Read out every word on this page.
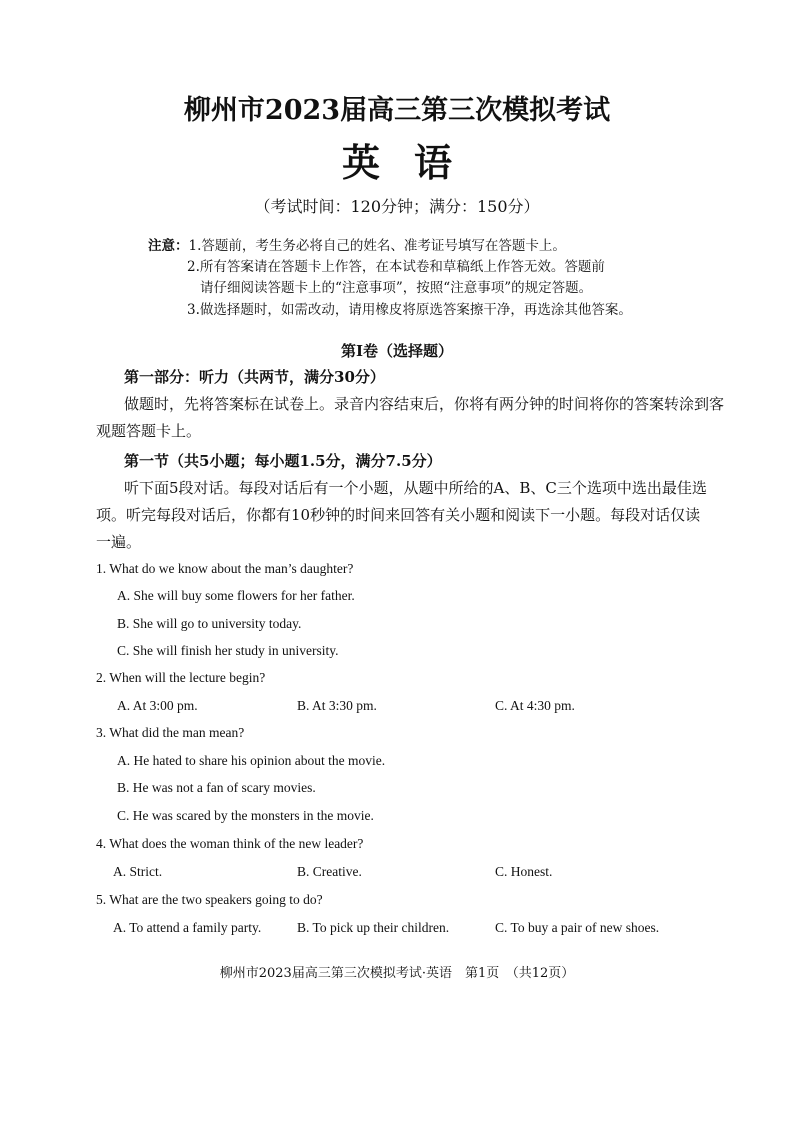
柳州市2023届高三第三次模拟考试
英语
（考试时间：120分钟；满分：150分）
注意：1.答题前，考生务必将自己的姓名、准考证号填写在答题卡上。
2.所有答案请在答题卡上作答，在本试卷和草稿纸上作答无效。答题前
请仔细阅读答题卡上的“注意事项”，按照“注意事项”的规定答题。
3.做选择题时，如需改动，请用橡皮将原选答案擦干净，再选涂其他答案。
第Ⅰ卷（选择题）
第一部分：听力（共两节，满分30分）
做题时，先将答案标在试卷上。录音内容结束后，你将有两分钟的时间将你的答案转涂到客
观题答题卡上。
第一节（共5小题；每小题1.5分，满分7.5分）
听下面5段对话。每段对话后有一个小题，从题中所给的A、B、C三个选项中选出最佳选
项。听完每段对话后，你都有10秒钟的时间来回答有关小题和阅读下一小题。每段对话仅读
一遍。
1. What do we know about the man’s daughter?
A. She will buy some flowers for her father.
B. She will go to university today.
C. She will finish her study in university.
2. When will the lecture begin?
A. At 3:00 pm.	B. At 3:30 pm.	C. At 4:30 pm.
3. What did the man mean?
A. He hated to share his opinion about the movie.
B. He was not a fan of scary movies.
C. He was scared by the monsters in the movie.
4. What does the woman think of the new leader?
A. Strict.	B. Creative.	C. Honest.
5. What are the two speakers going to do?
A. To attend a family party.	B. To pick up their children.	C. To buy a pair of new shoes.
柳州市2023届高三第三次模拟考试·英语　第1页　（共12页）
